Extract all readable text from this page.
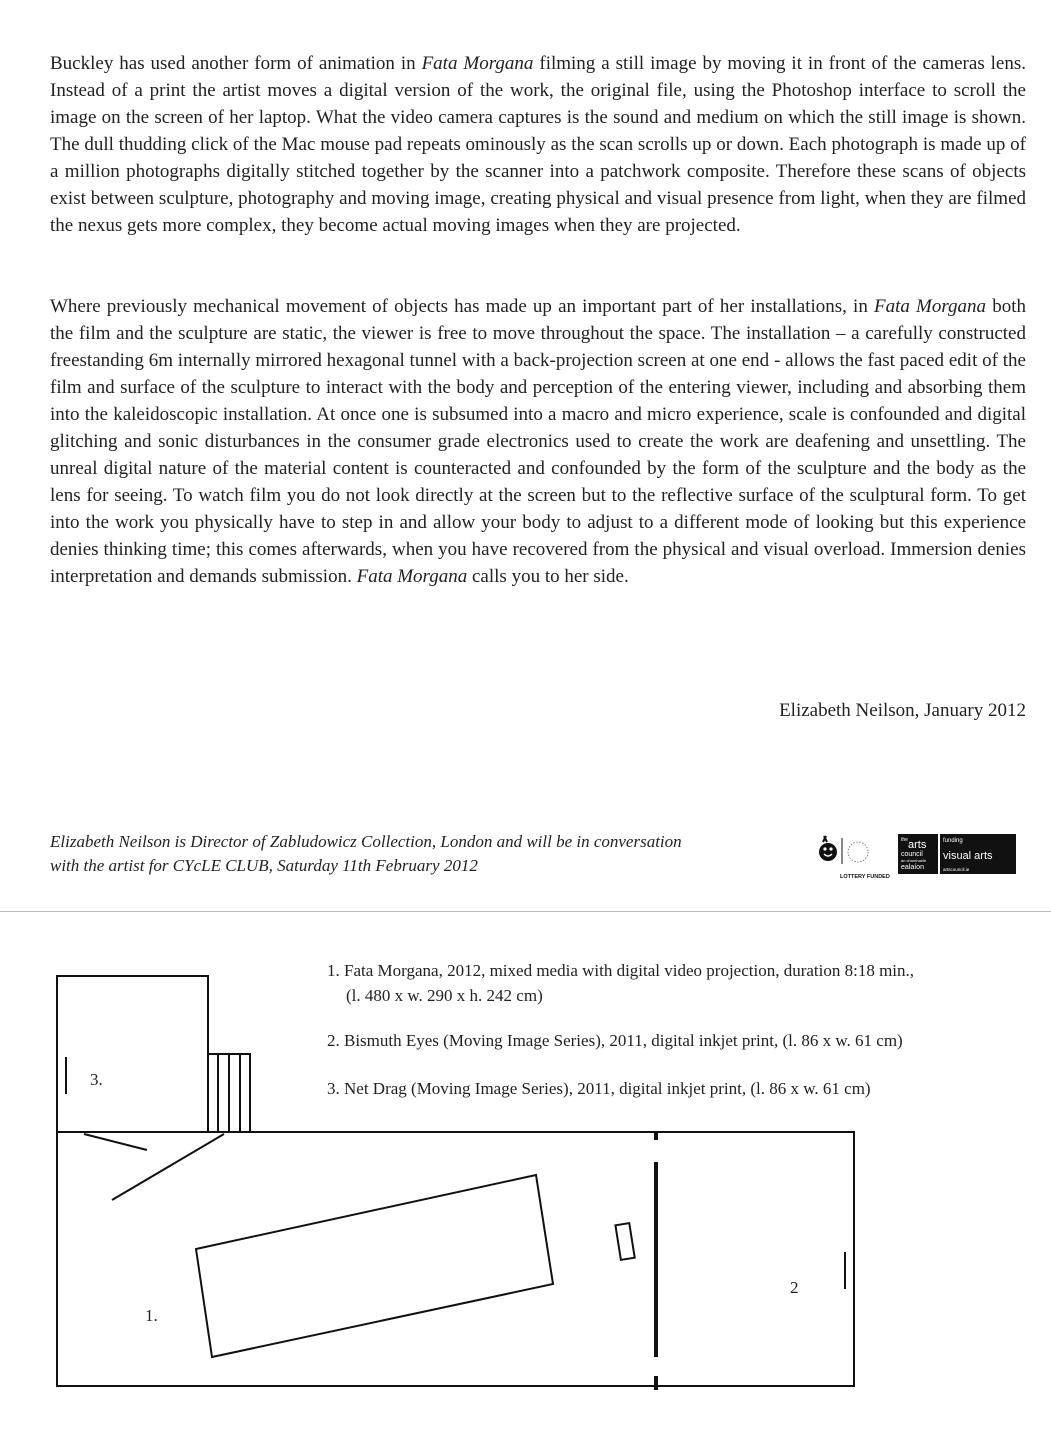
Buckley has used another form of animation in Fata Morgana filming a still image by moving it in front of the cameras lens. Instead of a print the artist moves a digital version of the work, the original file, using the Photoshop interface to scroll the image on the screen of her laptop. What the video camera captures is the sound and medium on which the still image is shown. The dull thudding click of the Mac mouse pad repeats ominously as the scan scrolls up or down. Each photograph is made up of a million photographs digitally stitched together by the scanner into a patchwork composite. Therefore these scans of objects exist between sculpture, photography and moving image, creating physical and visual presence from light, when they are filmed the nexus gets more complex, they become actual moving images when they are projected.

Where previously mechanical movement of objects has made up an important part of her installations, in Fata Morgana both the film and the sculpture are static, the viewer is free to move throughout the space. The installation – a carefully constructed freestanding 6m internally mirrored hexagonal tunnel with a back-projection screen at one end - allows the fast paced edit of the film and surface of the sculpture to interact with the body and perception of the entering viewer, including and absorbing them into the kaleidoscopic installation. At once one is subsumed into a macro and micro experience, scale is confounded and digital glitching and sonic disturbances in the consumer grade electronics used to create the work are deafening and unsettling. The unreal digital nature of the material content is counteracted and confounded by the form of the sculpture and the body as the lens for seeing. To watch film you do not look directly at the screen but to the reflective surface of the sculptural form. To get into the work you physically have to step in and allow your body to adjust to a different mode of looking but this experience denies thinking time; this comes afterwards, when you have recovered from the physical and visual overload. Immersion denies interpretation and demands submission. Fata Morgana calls you to her side.

Elizabeth Neilson, January 2012

Elizabeth Neilson is Director of Zabludowicz Collection, London and will be in conversation
with the artist for CYcLE CLUB, Saturday 11th February 2012

LOTTERY FUNDED
the arts
council
an chomhairle
ealaíon
funding
visual arts
artscouncil.ie
3.
1.
2

1. Fata Morgana, 2012, mixed media with digital video projection, duration 8:18 min.,
(l. 480 x w. 290 x h. 242 cm)

2. Bismuth Eyes (Moving Image Series), 2011, digital inkjet print, (l. 86 x w. 61 cm)

3. Net Drag (Moving Image Series), 2011, digital inkjet print, (l. 86 x w. 61 cm)
